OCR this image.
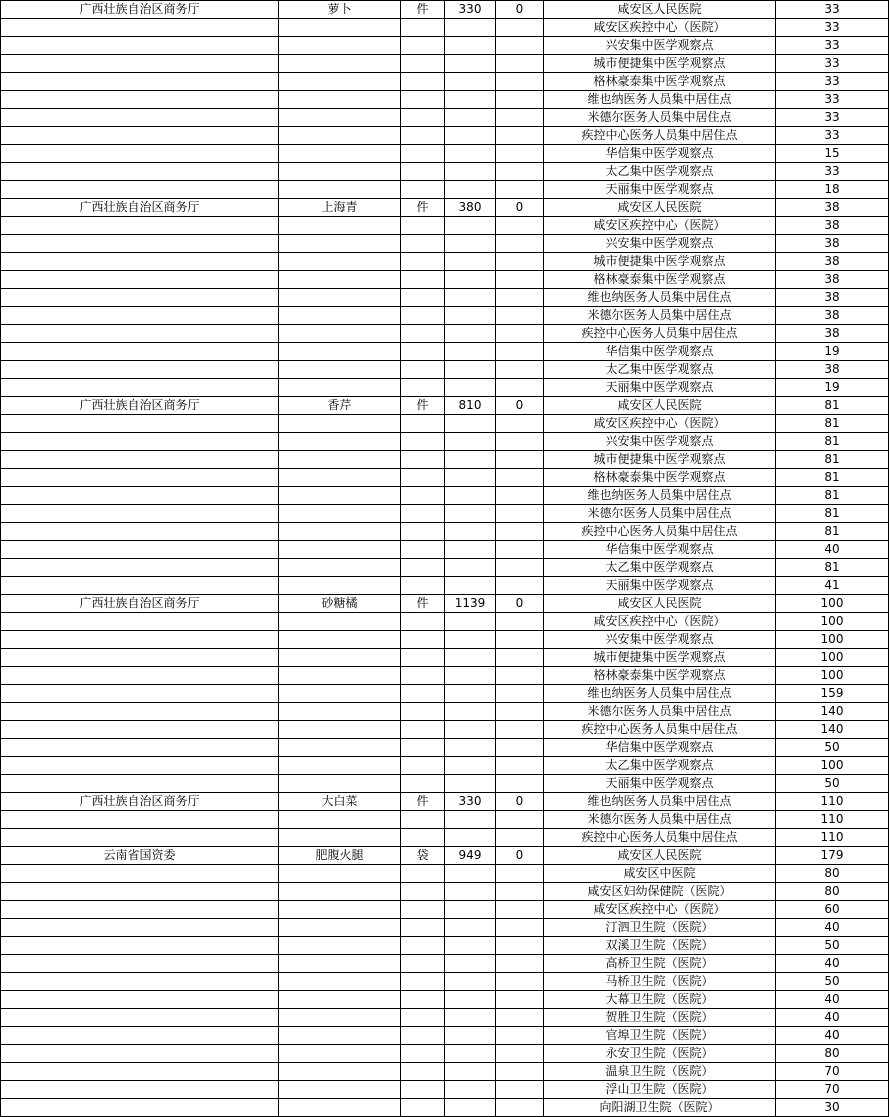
广西壮族自治区商务厅	萝卜	件	330	0	咸安区人民医院	33
					咸安区疾控中心（医院）	33
					兴安集中医学观察点	33
					城市便捷集中医学观察点	33
					格林豪泰集中医学观察点	33
					维也纳医务人员集中居住点	33
					米德尔医务人员集中居住点	33
					疾控中心医务人员集中居住点	33
					华信集中医学观察点	15
					太乙集中医学观察点	33
					天丽集中医学观察点	18
广西壮族自治区商务厅	上海青	件	380	0	咸安区人民医院	38
					咸安区疾控中心（医院）	38
					兴安集中医学观察点	38
					城市便捷集中医学观察点	38
					格林豪泰集中医学观察点	38
					维也纳医务人员集中居住点	38
					米德尔医务人员集中居住点	38
					疾控中心医务人员集中居住点	38
					华信集中医学观察点	19
					太乙集中医学观察点	38
					天丽集中医学观察点	19
广西壮族自治区商务厅	香芹	件	810	0	咸安区人民医院	81
					咸安区疾控中心（医院）	81
					兴安集中医学观察点	81
					城市便捷集中医学观察点	81
					格林豪泰集中医学观察点	81
					维也纳医务人员集中居住点	81
					米德尔医务人员集中居住点	81
					疾控中心医务人员集中居住点	81
					华信集中医学观察点	40
					太乙集中医学观察点	81
					天丽集中医学观察点	41
广西壮族自治区商务厅	砂糖橘	件	1139	0	咸安区人民医院	100
					咸安区疾控中心（医院）	100
					兴安集中医学观察点	100
					城市便捷集中医学观察点	100
					格林豪泰集中医学观察点	100
					维也纳医务人员集中居住点	159
					米德尔医务人员集中居住点	140
					疾控中心医务人员集中居住点	140
					华信集中医学观察点	50
					太乙集中医学观察点	100
					天丽集中医学观察点	50
广西壮族自治区商务厅	大白菜	件	330	0	维也纳医务人员集中居住点	110
					米德尔医务人员集中居住点	110
					疾控中心医务人员集中居住点	110
云南省国资委	肥腹火腿	袋	949	0	咸安区人民医院	179
					咸安区中医院	80
					咸安区妇幼保健院（医院）	80
					咸安区疾控中心（医院）	60
					汀泗卫生院（医院）	40
					双溪卫生院（医院）	50
					高桥卫生院（医院）	40
					马桥卫生院（医院）	50
					大幕卫生院（医院）	40
					贺胜卫生院（医院）	40
					官埠卫生院（医院）	40
					永安卫生院（医院）	80
					温泉卫生院（医院）	70
					浮山卫生院（医院）	70
					向阳湖卫生院（医院）	30
